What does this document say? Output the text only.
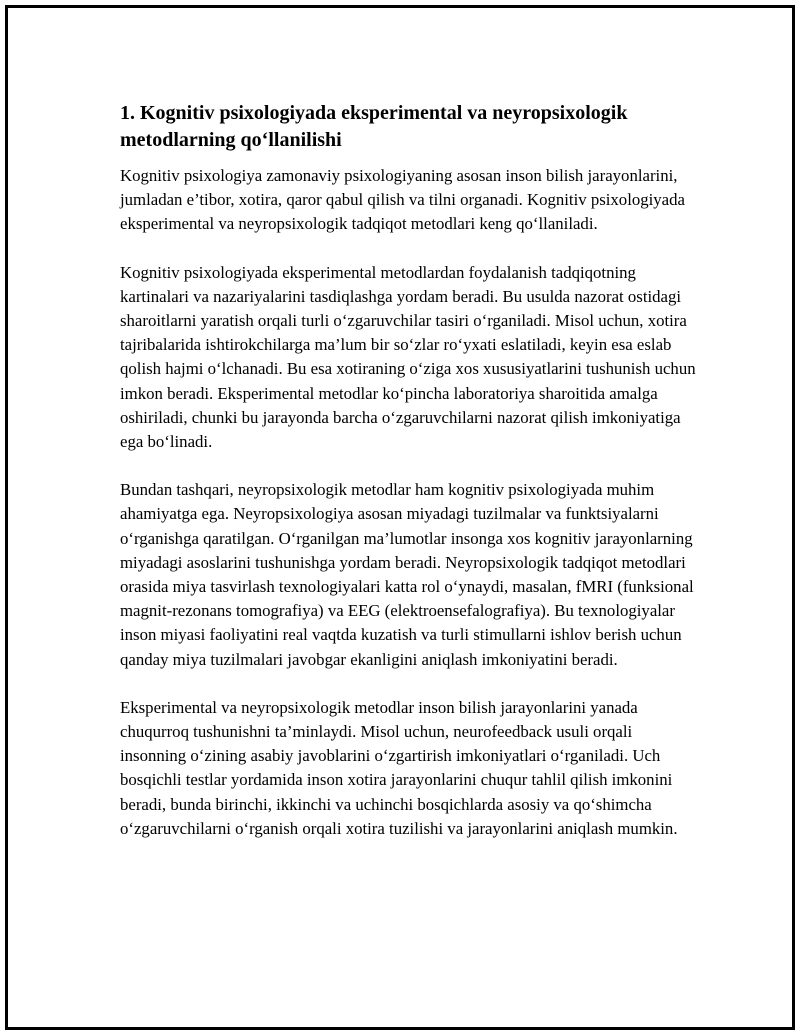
1. Kognitiv psixologiyada eksperimental va neyropsixologik metodlarning qo‘llanilishi

Kognitiv psixologiya zamonaviy psixologiyaning asosan inson bilish jarayonlarini, jumladan e’tibor, xotira, qaror qabul qilish va tilni organadi. Kognitiv psixologiyada eksperimental va neyropsixologik tadqiqot metodlari keng qo‘llaniladi.

Kognitiv psixologiyada eksperimental metodlardan foydalanish tadqiqotning kartinalari va nazariyalarini tasdiqlashga yordam beradi. Bu usulda nazorat ostidagi sharoitlarni yaratish orqali turli o‘zgaruvchilar tasiri o‘rganiladi. Misol uchun, xotira tajribalarida ishtirokchilarga ma’lum bir so‘zlar ro‘yxati eslatiladi, keyin esa eslab qolish hajmi o‘lchanadi. Bu esa xotiraning o‘ziga xos xususiyatlarini tushunish uchun imkon beradi. Eksperimental metodlar ko‘pincha laboratoriya sharoitida amalga oshiriladi, chunki bu jarayonda barcha o‘zgaruvchilarni nazorat qilish imkoniyatiga ega bo‘linadi.

Bundan tashqari, neyropsixologik metodlar ham kognitiv psixologiyada muhim ahamiyatga ega. Neyropsixologiya asosan miyadagi tuzilmalar va funktsiyalarni o‘rganishga qaratilgan. O‘rganilgan ma’lumotlar insonga xos kognitiv jarayonlarning miyadagi asoslarini tushunishga yordam beradi. Neyropsixologik tadqiqot metodlari orasida miya tasvirlash texnologiyalari katta rol o‘ynaydi, masalan, fMRI (funksional magnit-rezonans tomografiya) va EEG (elektroensefalografiya). Bu texnologiyalar inson miyasi faoliyatini real vaqtda kuzatish va turli stimullarni ishlov berish uchun qanday miya tuzilmalari javobgar ekanligini aniqlash imkoniyatini beradi.

Eksperimental va neyropsixologik metodlar inson bilish jarayonlarini yanada chuqurroq tushunishni ta’minlaydi. Misol uchun, neurofeedback usuli orqali insonning o‘zining asabiy javoblarini o‘zgartirish imkoniyatlari o‘rganiladi. Uch bosqichli testlar yordamida inson xotira jarayonlarini chuqur tahlil qilish imkonini beradi, bunda birinchi, ikkinchi va uchinchi bosqichlarda asosiy va qo‘shimcha o‘zgaruvchilarni o‘rganish orqali xotira tuzilishi va jarayonlarini aniqlash mumkin.
